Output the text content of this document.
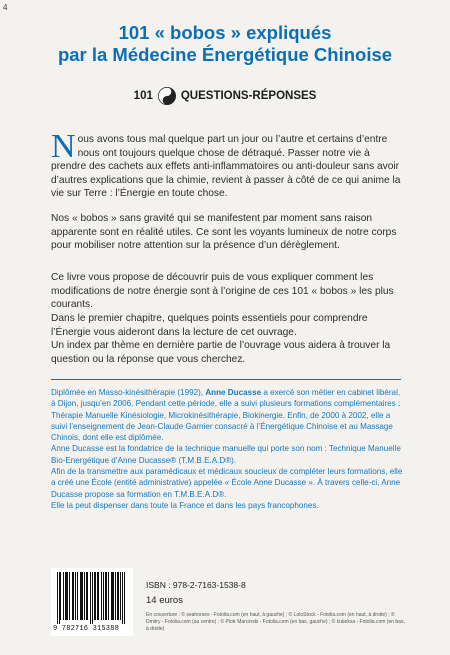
4
101 « bobos » expliqués
par la Médecine Énergétique Chinoise
101 QUESTIONS-RÉPONSES

Nous avons tous mal quelque part un jour ou l’autre et certains d’entre nous ont toujours quelque chose de détraqué. Passer notre vie à prendre des cachets aux effets anti-inflammatoires ou anti-douleur sans avoir d’autres explications que la chimie, revient à passer à côté de ce qui anime la vie sur Terre : l’Énergie en toute chose.

Nos « bobos » sans gravité qui se manifestent par moment sans raison apparente sont en réalité utiles. Ce sont les voyants lumineux de notre corps pour mobiliser notre attention sur la présence d’un dérèglement.

Ce livre vous propose de découvrir puis de vous expliquer comment les modifications de notre énergie sont à l’origine de ces 101 « bobos » les plus courants.

Dans le premier chapitre, quelques points essentiels pour comprendre l’Énergie vous aideront dans la lecture de cet ouvrage.

Un index par thème en dernière partie de l’ouvrage vous aidera à trouver la question ou la réponse que vous cherchez.

Diplômée en Masso-kinésithérapie (1992), Anne Ducasse a exercé son métier en cabinet libéral, à Dijon, jusqu’en 2006. Pendant cette période, elle a suivi plusieurs formations complémentaires : Thérapie Manuelle Kinésiologie, Microkinésithérapie, Biokinergie. Enfin, de 2000 à 2002, elle a suivi l’enseignement de Jean-Claude Garnier consacré à l’Énergétique Chinoise et au Massage Chinois, dont elle est diplômée.

Anne Ducasse est la fondatrice de la technique manuelle qui porte son nom : Technique Manuelle Bio-Energétique d’Anne Ducasse® (T.M.B.E.A.D®).

Afin de la transmettre aux paramédicaux et médicaux soucieux de compléter leurs formations, elle a créé une École (entité administrative) appelée « École Anne Ducasse ». À travers celle-ci, Anne Ducasse propose sa formation en T.M.B.E.A.D®.

Elle la peut dispenser dans toute la France et dans les pays francophones.

9 782716 315388
ISBN : 978-2-7163-1538-8
14 euros
En couverture : © seahorses - Fotolia.com (en haut, à gauche) ; © LoloStock - Fotolia.com (en haut, à droite) ; © Dmitry - Fotolia.com (au centre) ; © Piotr Marcinski - Fotolia.com (en bas, gauche) ; © Izaleksa - Fotolia.com (en bas, à droite)
